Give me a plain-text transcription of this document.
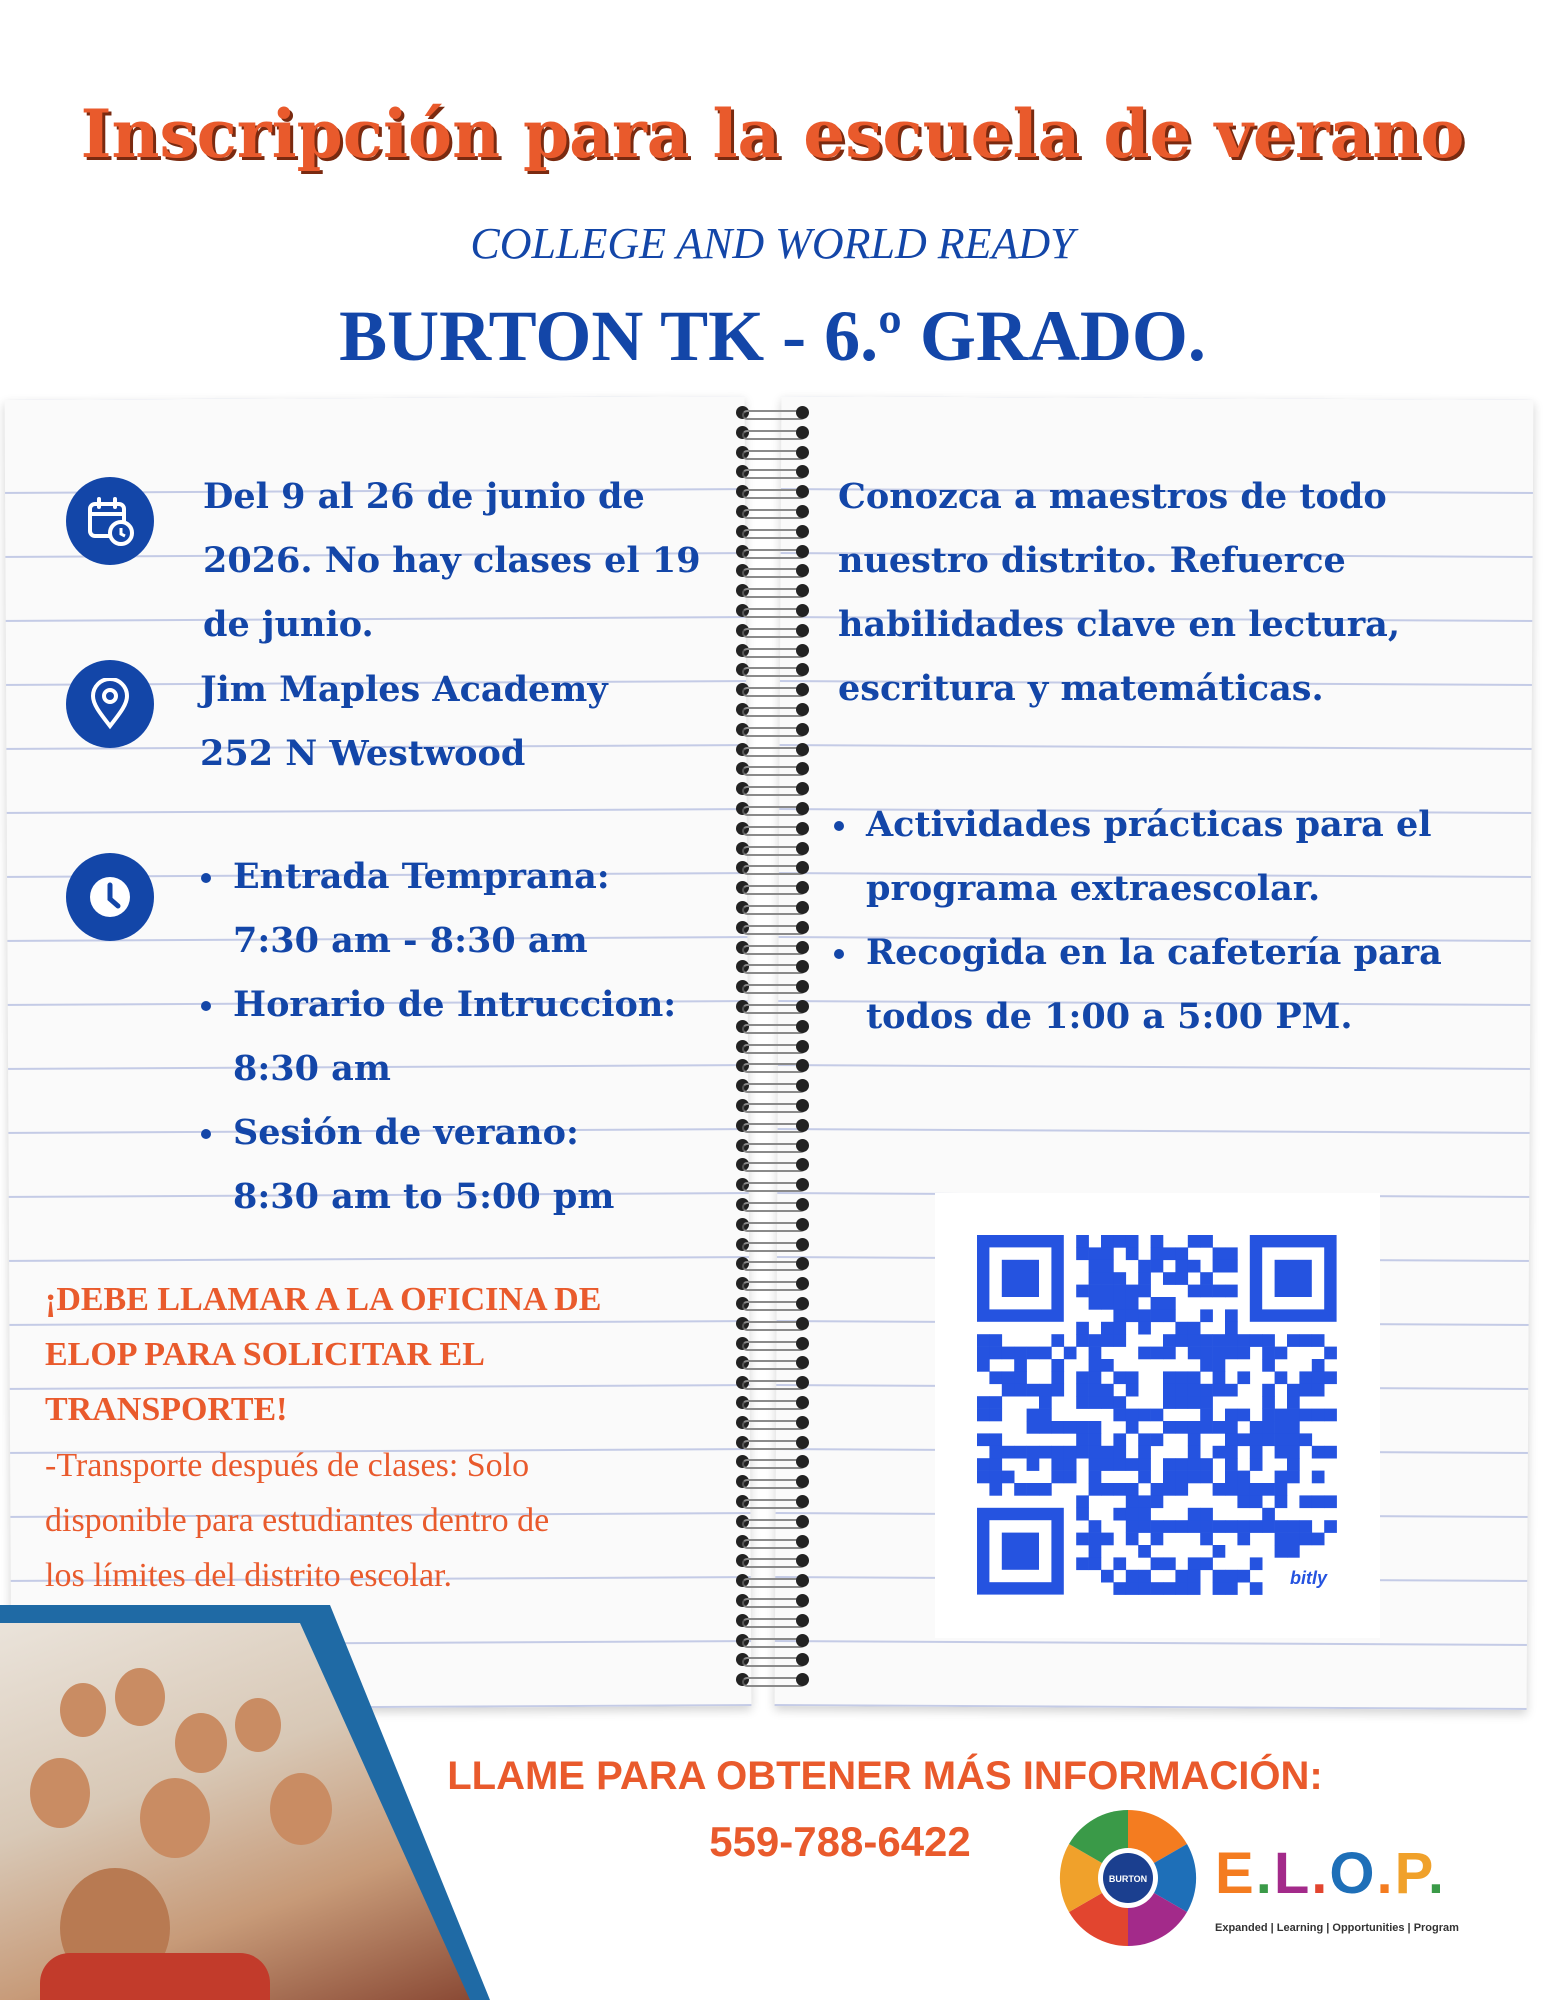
Inscripción para la escuela de verano
COLLEGE AND WORLD READY
BURTON TK - 6.º GRADO.
Del 9 al 26 de junio de
2026. No hay clases el 19
de junio.
Jim Maples Academy
252 N Westwood
Entrada Temprana:
7:30 am - 8:30 am
Horario de Intruccion:
8:30 am
Sesión de verano:
8:30 am to 5:00 pm
¡DEBE LLAMAR A LA OFICINA DE
ELOP PARA SOLICITAR EL
TRANSPORTE!
-Transporte después de clases: Solo
disponible para estudiantes dentro de
los límites del distrito escolar.
Conozca a maestros de todo
nuestro distrito. Refuerce
habilidades clave en lectura,
escritura y matemáticas.
Actividades prácticas para el
programa extraescolar.
Recogida en la cafetería para
todos de 1:00 a 5:00 PM.
bitly
LLAME PARA OBTENER MÁS INFORMACIÓN:
559-788-6422
BURTON E.L.O.P.
Expanded | Learning | Opportunities | Program
